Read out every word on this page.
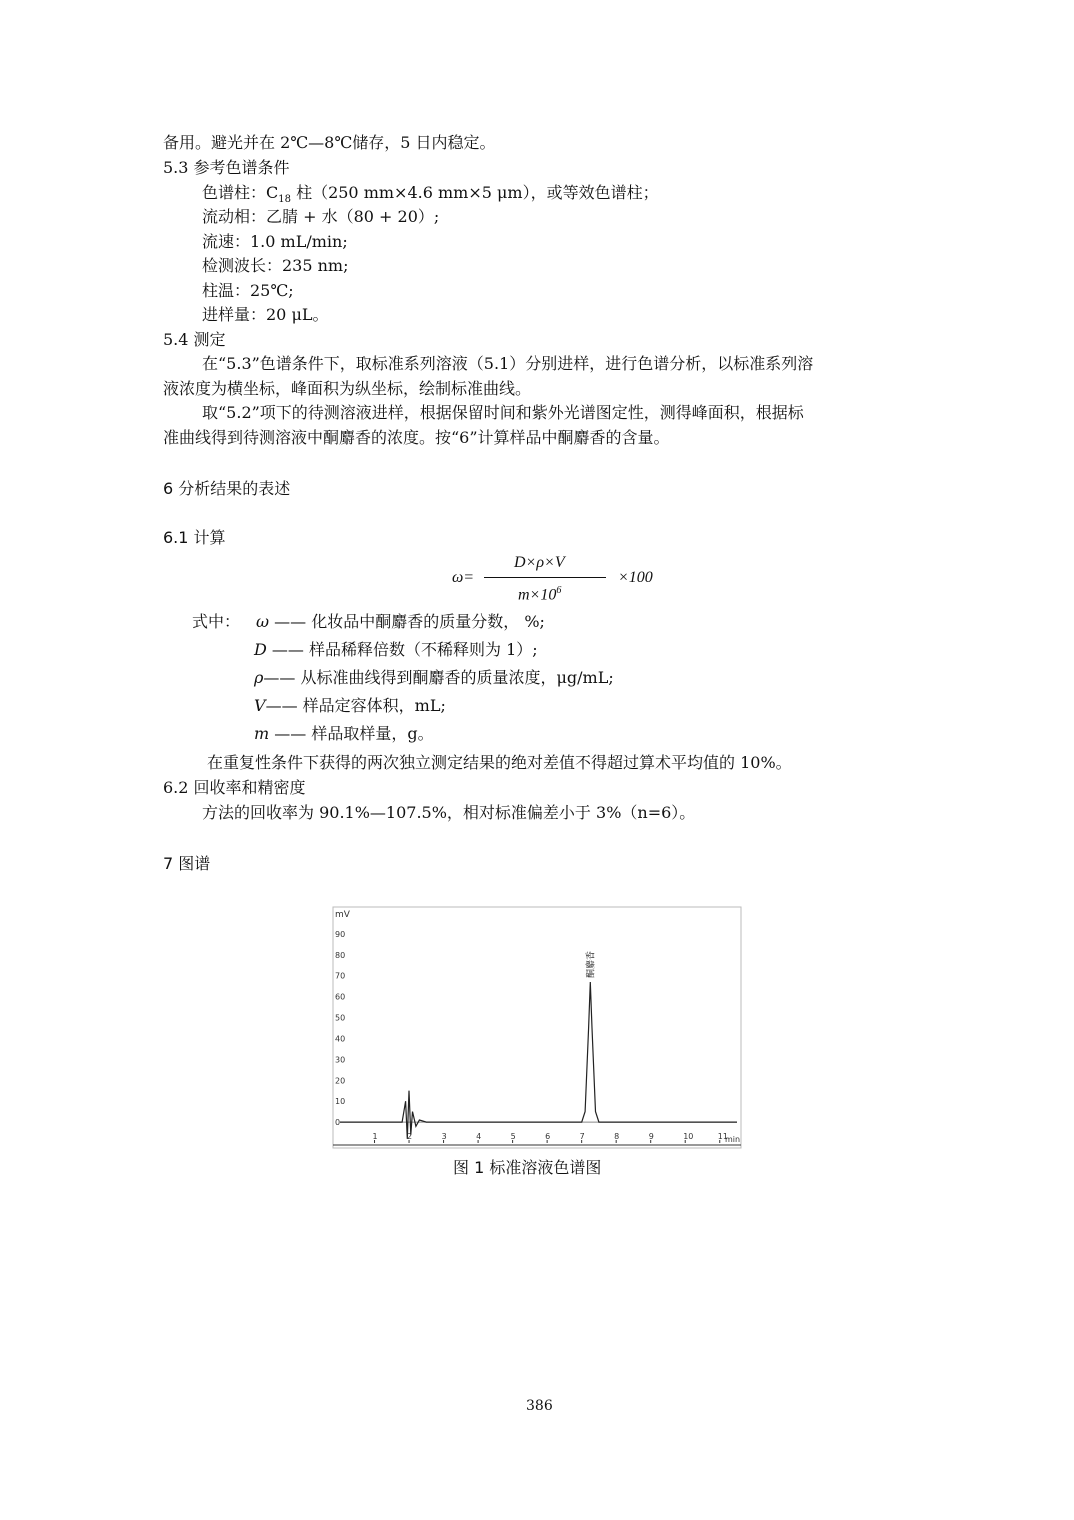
备用。避光并在 2℃—8℃储存，5 日内稳定。
5.3 参考色谱条件
色谱柱：$C_{18}$ 柱（250 mm×4.6 mm×5 μm），或等效色谱柱；
流动相：乙腈 + 水（80 + 20）;
流速：1.0 mL/min;
检测波长：235 nm;
柱温：25℃;
进样量：20 μL。
5.4 测定
在“5.3”色谱条件下，取标准系列溶液（5.1）分别进样，进行色谱分析，以标准系列溶
液浓度为横坐标，峰面积为纵坐标，绘制标准曲线。
取“5.2”项下的待测溶液进样，根据保留时间和紫外光谱图定性，测得峰面积，根据标
准曲线得到待测溶液中酮麝香的浓度。按“6”计算样品中酮麝香的含量。
6 分析结果的表述
6.1 计算
ω=
D×ρ×V
$m\times 10^6$
×100
式中： ω —— 化妆品中酮麝香的质量分数， %;
D —— 样品稀释倍数（不稀释则为 1）;
ρ—— 从标准曲线得到酮麝香的质量浓度，μg/mL;
V—— 样品定容体积，mL;
m —— 样品取样量，g。
在重复性条件下获得的两次独立测定结果的绝对差值不得超过算术平均值的 10%。
6.2 回收率和精密度
方法的回收率为 90.1%—107.5%，相对标准偏差小于 3%（n=6）。
7 图谱
mV
0
10
20
30
40
50
60
70
80
90
1	2	3	4	5	6	7	8	9	10	11
酮麝香
min
图 1 标准溶液色谱图
386
